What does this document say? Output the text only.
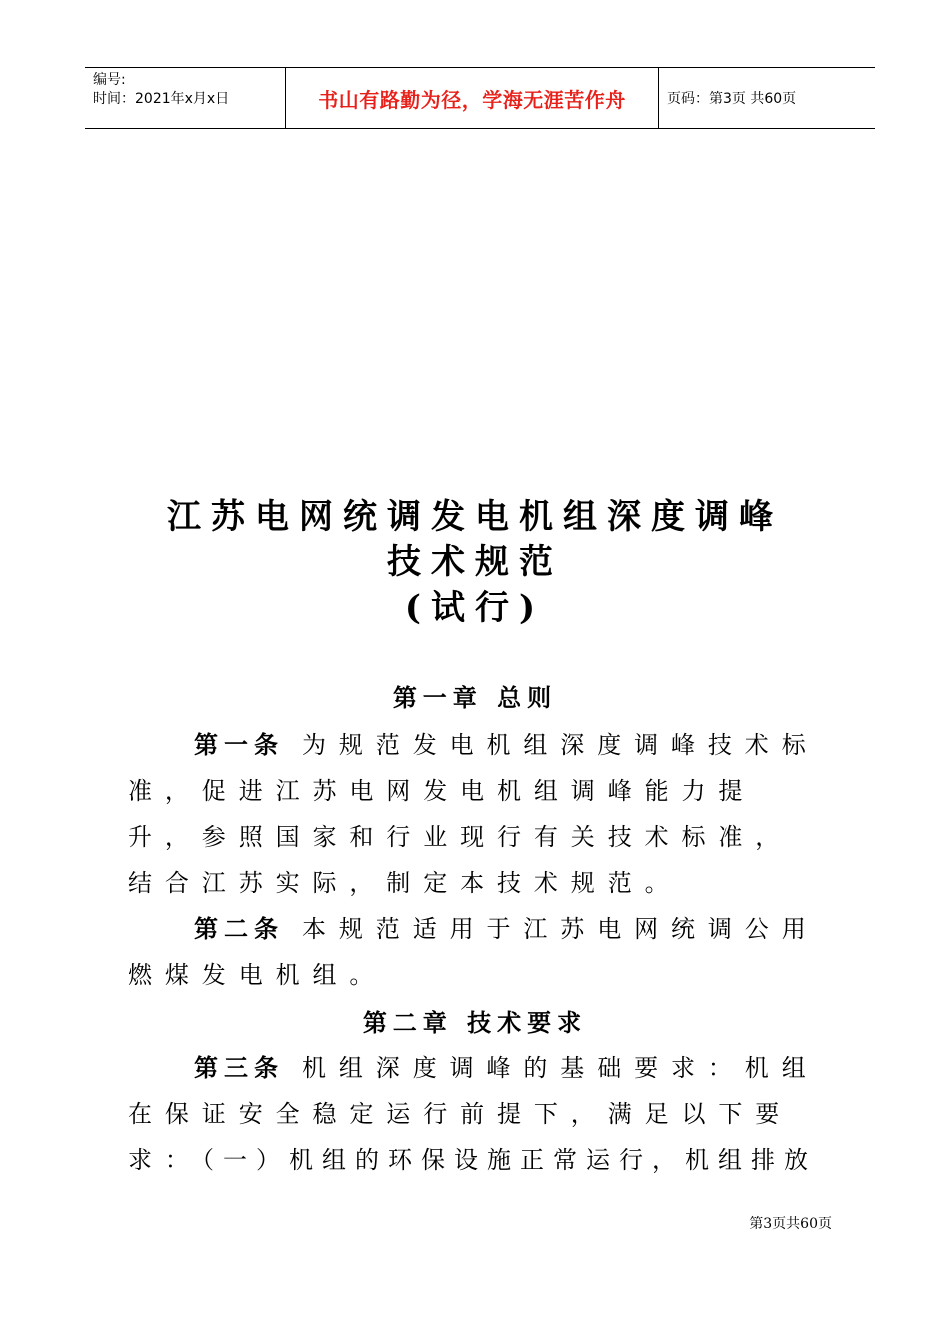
编号:
时间：2021年x月x日	书山有路勤为径，学海无涯苦作舟	页码：第3页 共60页
江苏电网统调发电机组深度调峰
技术规范
(试行)
第一章 总则
第一条 为规范发电机组深度调峰技术标准，促进江苏电网发电机组调峰能力提升，参照国家和行业现行有关技术标准，结合江苏实际，制定本技术规范。
第二条 本规范适用于江苏电网统调公用燃煤发电机组。
第二章 技术要求
第三条 机组深度调峰的基础要求：机组在保证安全稳定运行前提下，满足以下要求：
（一）机组的环保设施正常运行，机组排放
第3页共60页
